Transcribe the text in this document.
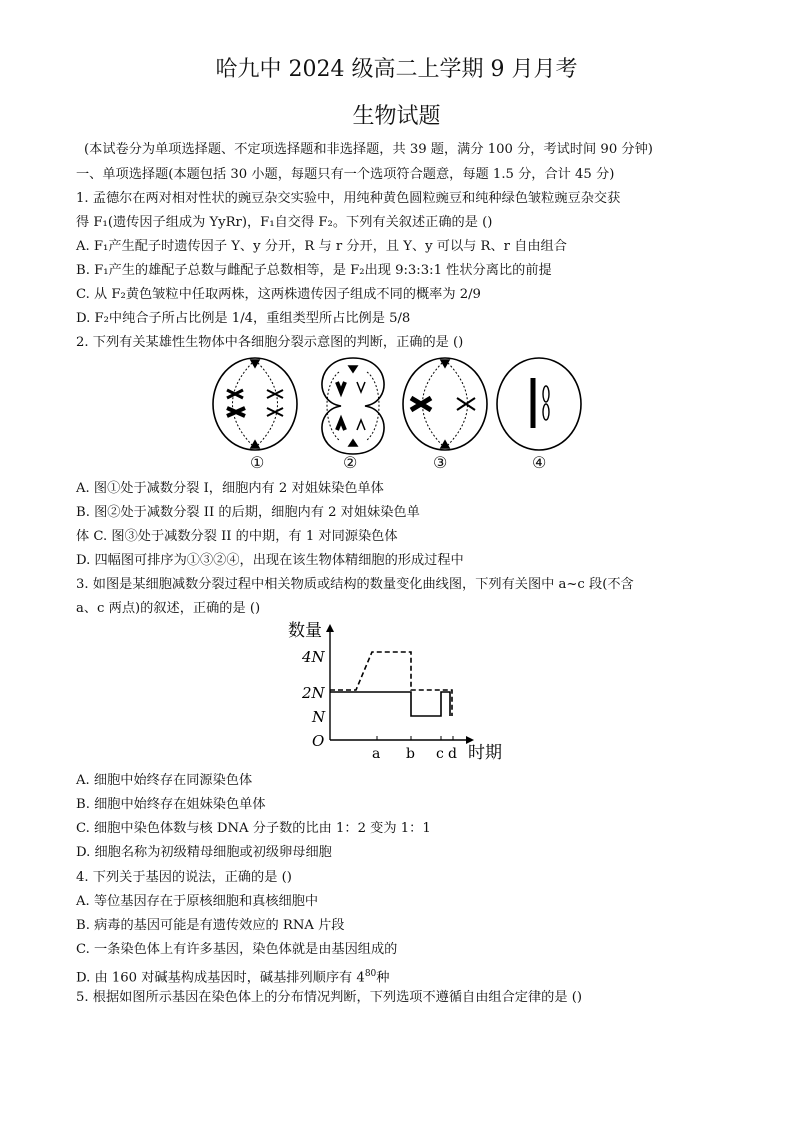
哈九中 2024 级高二上学期 9 月月考
生物试题
(本试卷分为单项选择题、不定项选择题和非选择题，共 39 题，满分 100 分，考试时间 90 分钟)
一、单项选择题(本题包括 30 小题，每题只有一个选项符合题意，每题 1.5 分，合计 45 分)
1. 孟德尔在两对相对性状的豌豆杂交实验中，用纯种黄色圆粒豌豆和纯种绿色皱粒豌豆杂交获
得 F₁(遗传因子组成为 YyRr)，F₁自交得 F₂。下列有关叙述正确的是 ()
A. F₁产生配子时遗传因子 Y、y 分开，R 与 r 分开，且 Y、y 可以与 R、r 自由组合
B. F₁产生的雄配子总数与雌配子总数相等，是 F₂出现 9:3:3:1 性状分离比的前提
C. 从 F₂黄色皱粒中任取两株，这两株遗传因子组成不同的概率为 2/9
D. F₂中纯合子所占比例是 1/4，重组类型所占比例是 5/8
2. 下列有关某雄性生物体中各细胞分裂示意图的判断，正确的是 ()
①	②	③	④
A. 图①处于减数分裂 I，细胞内有 2 对姐妹染色单体
B. 图②处于减数分裂 II 的后期，细胞内有 2 对姐妹染色单
体 C. 图③处于减数分裂 II 的中期，有 1 对同源染色体
D. 四幅图可排序为①③②④，出现在该生物体精细胞的形成过程中
3. 如图是某细胞减数分裂过程中相关物质或结构的数量变化曲线图，下列有关图中 a~c 段(不含
a、c 两点)的叙述，正确的是 ()
数量
时期
4N
2N
N
O
a b c d
A. 细胞中始终存在同源染色体
B. 细胞中始终存在姐妹染色单体
C. 细胞中染色体数与核 DNA 分子数的比由 1：2 变为 1：1
D. 细胞名称为初级精母细胞或初级卵母细胞
4. 下列关于基因的说法，正确的是 ()
A. 等位基因存在于原核细胞和真核细胞中
B. 病毒的基因可能是有遗传效应的 RNA 片段
C. 一条染色体上有许多基因，染色体就是由基因组成的
D. 由 160 对碱基构成基因时，碱基排列顺序有 $4^{80}$种
5. 根据如图所示基因在染色体上的分布情况判断，下列选项不遵循自由组合定律的是 ()
